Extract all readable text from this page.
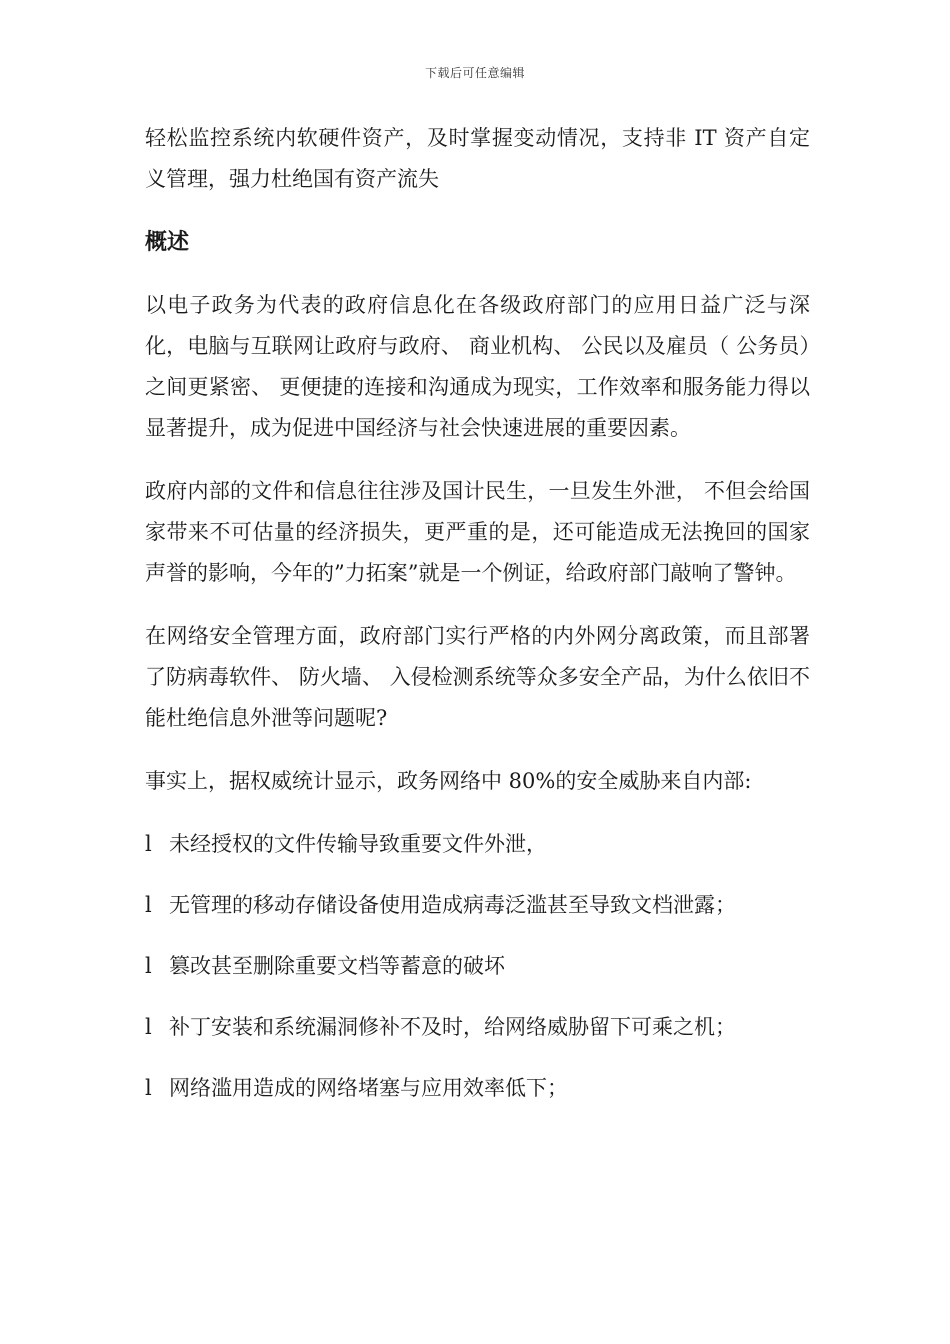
下载后可任意编辑

轻松监控系统内软硬件资产，及时掌握变动情况，支持非 IT 资产自定义管理，强力杜绝国有资产流失

概述

以电子政务为代表的政府信息化在各级政府部门的应用日益广泛与深化，电脑与互联网让政府与政府、 商业机构、 公民以及雇员（ 公务员）之间更紧密、 更便捷的连接和沟通成为现实，工作效率和服务能力得以显著提升，成为促进中国经济与社会快速进展的重要因素。

政府内部的文件和信息往往涉及国计民生，一旦发生外泄， 不但会给国家带来不可估量的经济损失，更严重的是，还可能造成无法挽回的国家声誉的影响，今年的”力拓案”就是一个例证，给政府部门敲响了警钟。

在网络安全管理方面，政府部门实行严格的内外网分离政策，而且部署了防病毒软件、 防火墙、 入侵检测系统等众多安全产品，为什么依旧不能杜绝信息外泄等问题呢?

事实上，据权威统计显示，政务网络中 80%的安全威胁来自内部:

l 未经授权的文件传输导致重要文件外泄，
l 无管理的移动存储设备使用造成病毒泛滥甚至导致文档泄露；
l 篡改甚至删除重要文档等蓄意的破坏
l 补丁安装和系统漏洞修补不及时，给网络威胁留下可乘之机；
l 网络滥用造成的网络堵塞与应用效率低下；
